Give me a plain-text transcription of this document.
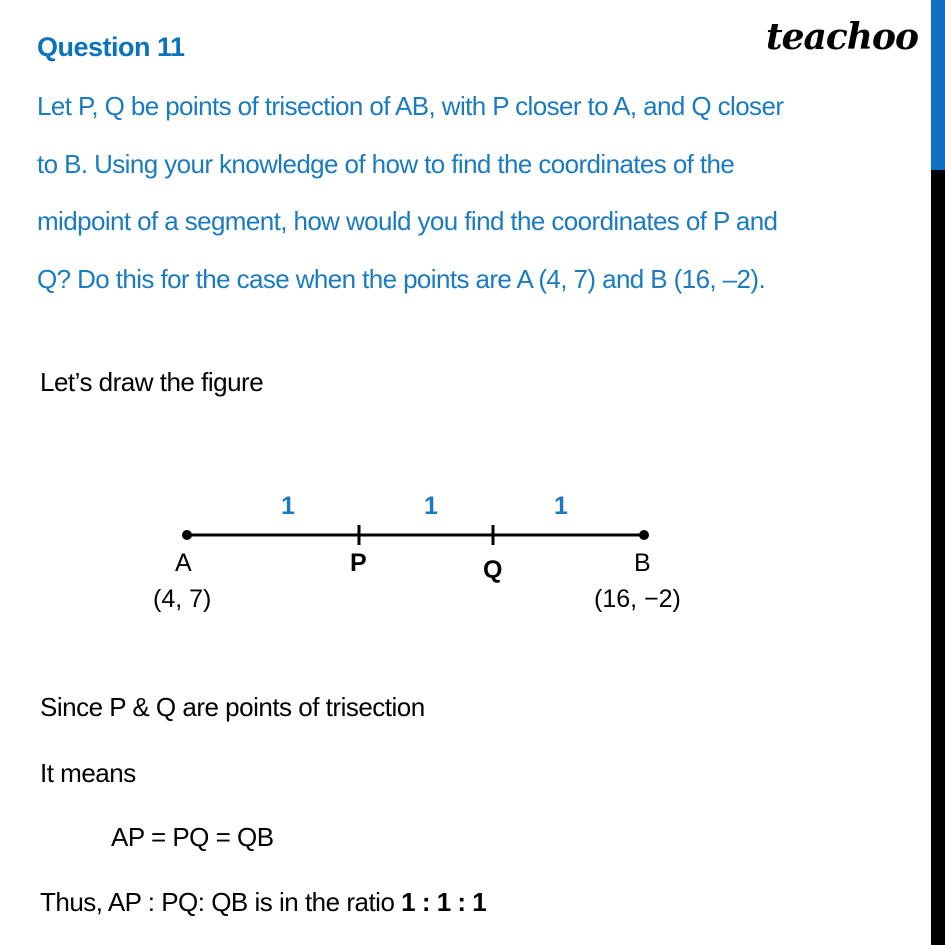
Question 11	teachoo
Let P, Q be points of trisection of AB, with P closer to A, and Q closer
to B. Using your knowledge of how to find the coordinates of the
midpoint of a segment, how would you find the coordinates of P and
Q? Do this for the case when the points are A (4, 7) and B (16, –2).
Let’s draw the figure
1	1	1
A
(4, 7)
P	Q	B
(16, −2)
Since P & Q are points of trisection
It means
AP = PQ = QB
Thus, AP : PQ: QB is in the ratio 1 : 1 : 1
